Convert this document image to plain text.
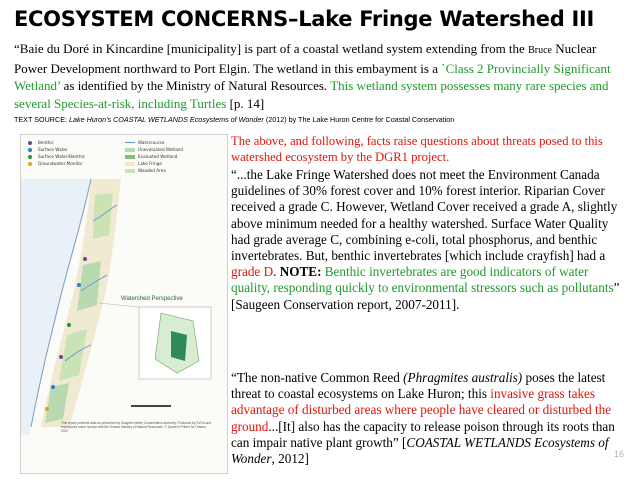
ECOSYSTEM CONCERNS–Lake Fringe Watershed III
“Baie du Doré in Kincardine [municipality] is part of a coastal wetland system extending from the Bruce Nuclear Power Development northward to Port Elgin. The wetland in this embayment is a `Class 2 Provincially Significant Wetland’ as identified by the Ministry of Natural Resources. This wetland system possesses many rare species and several Species-at-risk, including Turtles [p. 14]
TEXT SOURCE: Lake Huron's COASTAL WETLANDS Ecosystems of Wonder (2012) by The Lake Huron Centre for Coastal Conservation
Benthic
Surface Water
Surface Water/Benthic
Groundwater Monitor
Watercourse
Unevaluated Wetland
Evaluated Wetland
Lake Fringe
Wooded Area
Watershed Perspective
This report presents data as presented by Saugeen Valley Conservation Authority. Produced by SVCA and reproduced under licence with the Ontario Ministry of Natural Resources. © Queen's Printer for Ontario, 2012
The above, and following, facts raise questions about threats posed to this watershed ecosystem by the DGR1 project.
“...the Lake Fringe Watershed does not meet the Environment Canada guidelines of 30% forest cover and 10% forest interior. Riparian Cover received a grade C. However, Wetland Cover received a grade A, slightly above minimum needed for a healthy watershed. Surface Water Quality had grade average C, combining e-coli, total phosphorus, and benthic invertebrates. But, benthic invertebrates [which include crayfish] had a grade D. NOTE: Benthic invertebrates are good indicators of water quality, responding quickly to environmental stressors such as pollutants” [Saugeen Conservation report, 2007-2011].
“The non-native Common Reed (Phragmites australis) poses the latest threat to coastal ecosystems on Lake Huron; this invasive grass takes advantage of disturbed areas where people have cleared or disturbed the ground...[It] also has the capacity to release poison through its roots than can impair native plant growth” [COASTAL WETLANDS Ecosystems of Wonder, 2012]	16
